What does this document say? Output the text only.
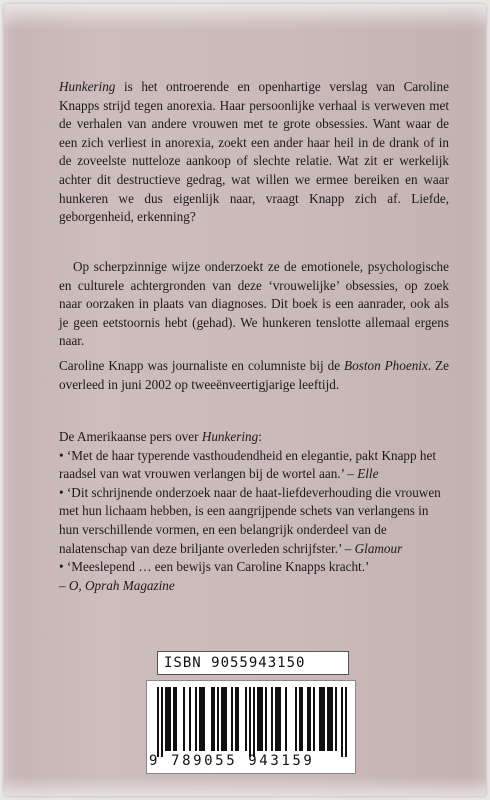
Hunkering is het ontroerende en openhartige verslag van Caroline Knapps strijd tegen anorexia. Haar persoonlijke verhaal is verweven met de verhalen van andere vrouwen met te grote obsessies. Want waar de een zich verliest in anorexia, zoekt een ander haar heil in de drank of in de zoveelste nutteloze aankoop of slechte relatie. Wat zit er werkelijk achter dit destructieve gedrag, wat willen we ermee bereiken en waar hunkeren we dus eigenlijk naar, vraagt Knapp zich af. Liefde, geborgenheid, erkenning?

Op scherpzinnige wijze onderzoekt ze de emotionele, psychologische en culturele achtergronden van deze ‘vrouwelijke’ obsessies, op zoek naar oorzaken in plaats van diagnoses. Dit boek is een aanrader, ook als je geen eetstoornis hebt (gehad). We hunkeren tenslotte allemaal ergens naar.

Caroline Knapp was journaliste en columniste bij de Boston Phoenix. Ze overleed in juni 2002 op tweeënveertigjarige leeftijd.

De Amerikaanse pers over Hunkering:

• ‘Met de haar typerende vasthoudendheid en elegantie, pakt Knapp het raadsel van wat vrouwen verlangen bij de wortel aan.’ – Elle

• ‘Dit schrijnende onderzoek naar de haat-liefdeverhouding die vrouwen met hun lichaam hebben, is een aangrijpende schets van verlangens in hun verschillende vormen, en een belangrijk onderdeel van de nalatenschap van deze briljante overleden schrijfster.’ – Glamour

• ‘Meeslepend … een bewijs van Caroline Knapps kracht.’
– O, Oprah Magazine

ISBN 9055943150
9 789055 943159
